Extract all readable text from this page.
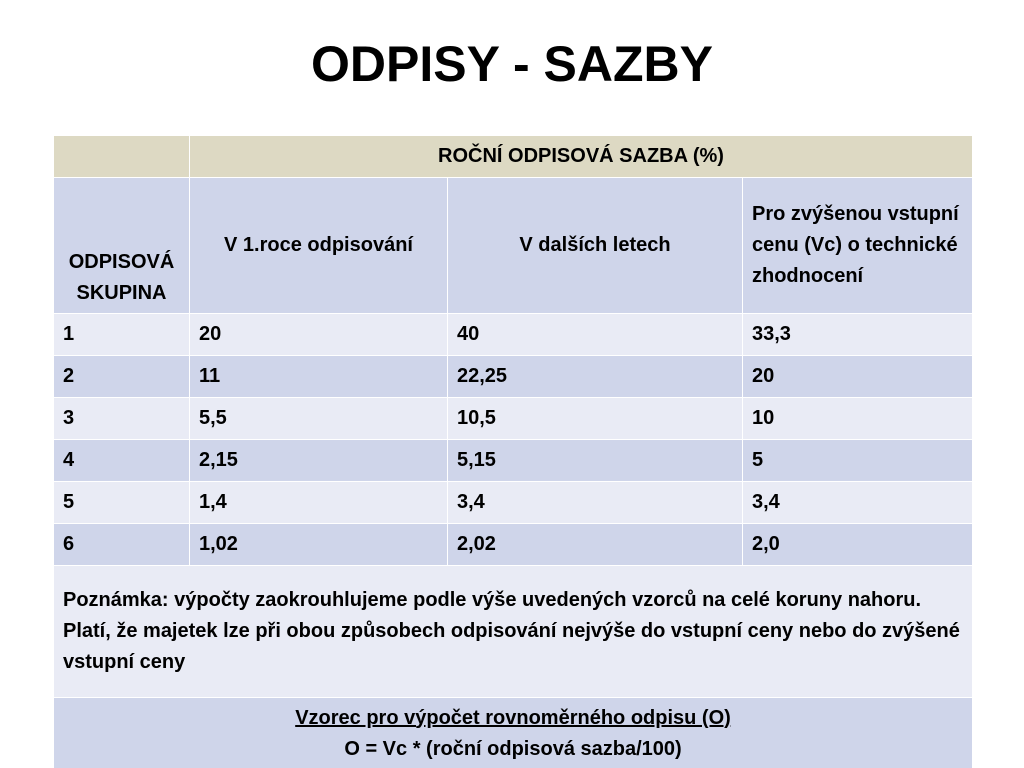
ODPISY - SAZBY
	ROČNÍ ODPISOVÁ SAZBA (%)		
ODPISOVÁ SKUPINA	V 1.roce odpisování	V dalších letech	Pro zvýšenou vstupní cenu (Vc) o technické zhodnocení
1	20	40	33,3
2	11	22,25	20
3	5,5	10,5	10
4	2,15	5,15	5
5	1,4	3,4	3,4
6	1,02	2,02	2,0

Poznámka: výpočty zaokrouhlujeme podle výše uvedených vzorců na celé koruny nahoru.
Platí, že majetek lze při obou způsobech odpisování nejvýše do vstupní ceny nebo do zvýšené vstupní ceny			

Vzorec pro výpočet rovnoměrného odpisu (O)
O = Vc * (roční odpisová sazba/100)			
